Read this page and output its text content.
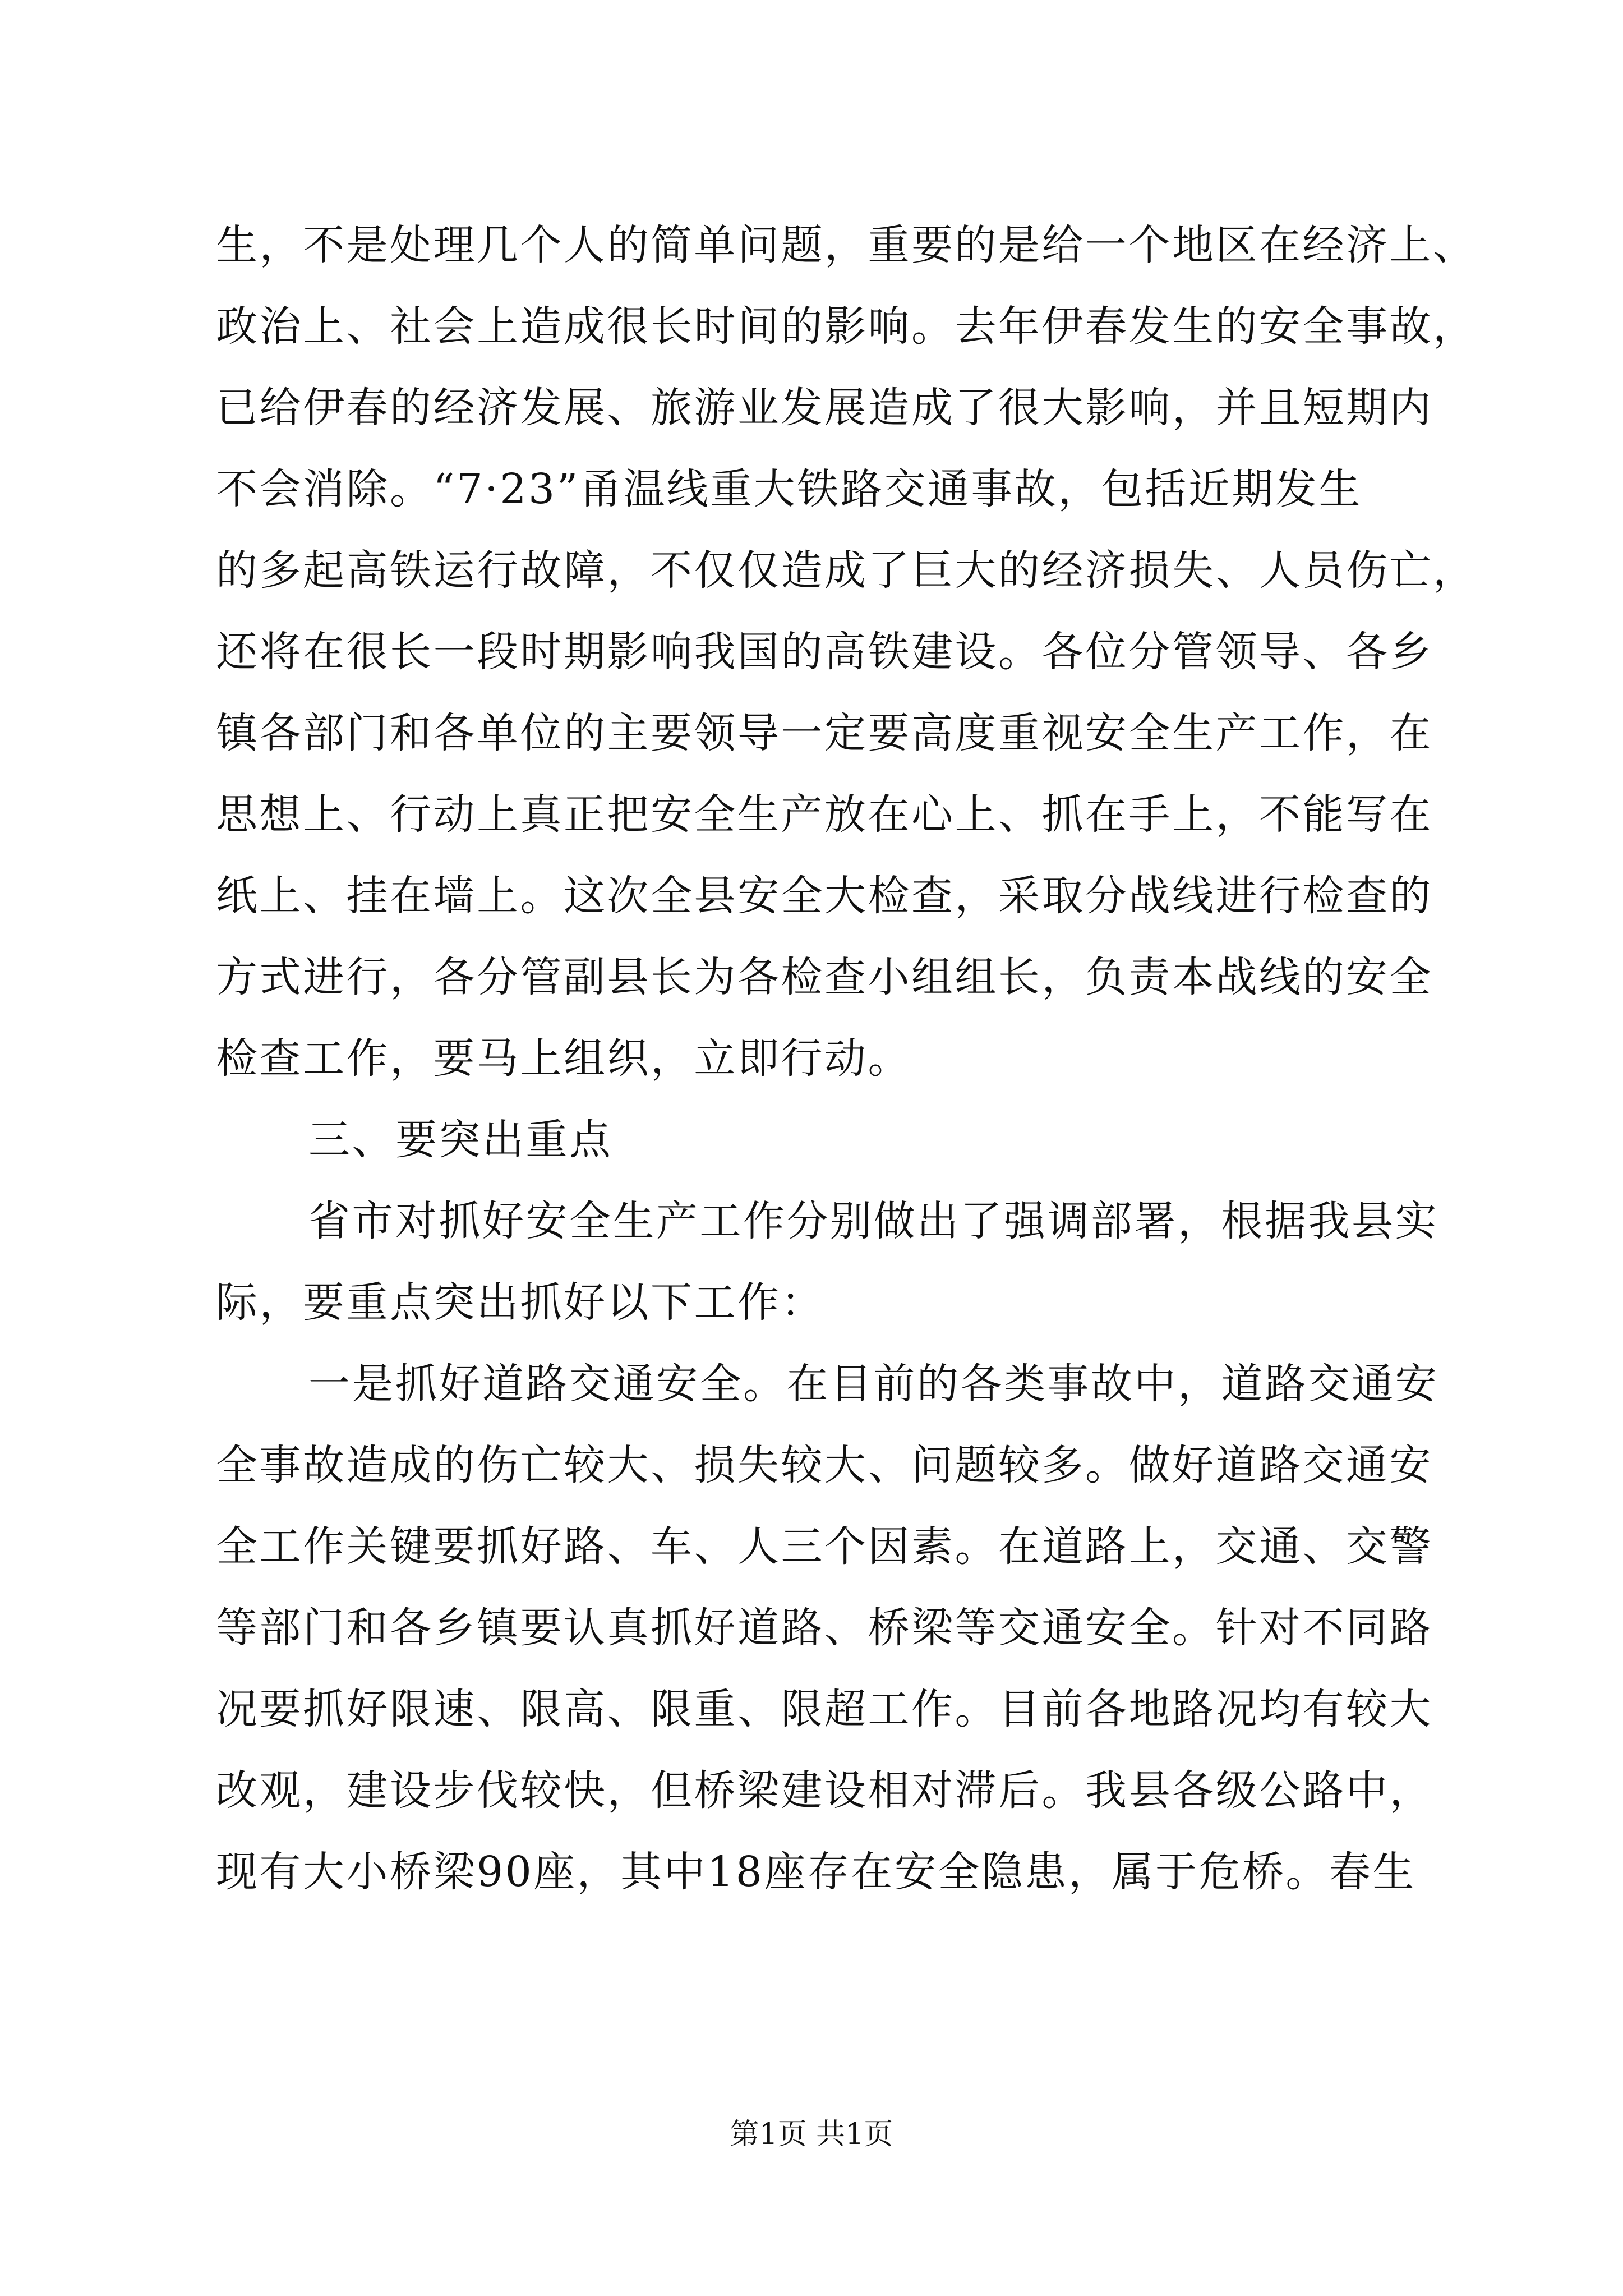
生，不是处理几个人的简单问题，重要的是给一个地区在经济上、
政治上、社会上造成很长时间的影响。去年伊春发生的安全事故，
已给伊春的经济发展、旅游业发展造成了很大影响，并且短期内
不会消除。“7·23”甬温线重大铁路交通事故，包括近期发生
的多起高铁运行故障，不仅仅造成了巨大的经济损失、人员伤亡，
还将在很长一段时期影响我国的高铁建设。各位分管领导、各乡
镇各部门和各单位的主要领导一定要高度重视安全生产工作，在
思想上、行动上真正把安全生产放在心上、抓在手上，不能写在
纸上、挂在墙上。这次全县安全大检查，采取分战线进行检查的
方式进行，各分管副县长为各检查小组组长，负责本战线的安全
检查工作，要马上组织，立即行动。
三、要突出重点
省市对抓好安全生产工作分别做出了强调部署，根据我县实
际，要重点突出抓好以下工作：
一是抓好道路交通安全。在目前的各类事故中，道路交通安
全事故造成的伤亡较大、损失较大、问题较多。做好道路交通安
全工作关键要抓好路、车、人三个因素。在道路上，交通、交警
等部门和各乡镇要认真抓好道路、桥梁等交通安全。针对不同路
况要抓好限速、限高、限重、限超工作。目前各地路况均有较大
改观，建设步伐较快，但桥梁建设相对滞后。我县各级公路中，
现有大小桥梁90座，其中18座存在安全隐患，属于危桥。春生
第1页 共1页
